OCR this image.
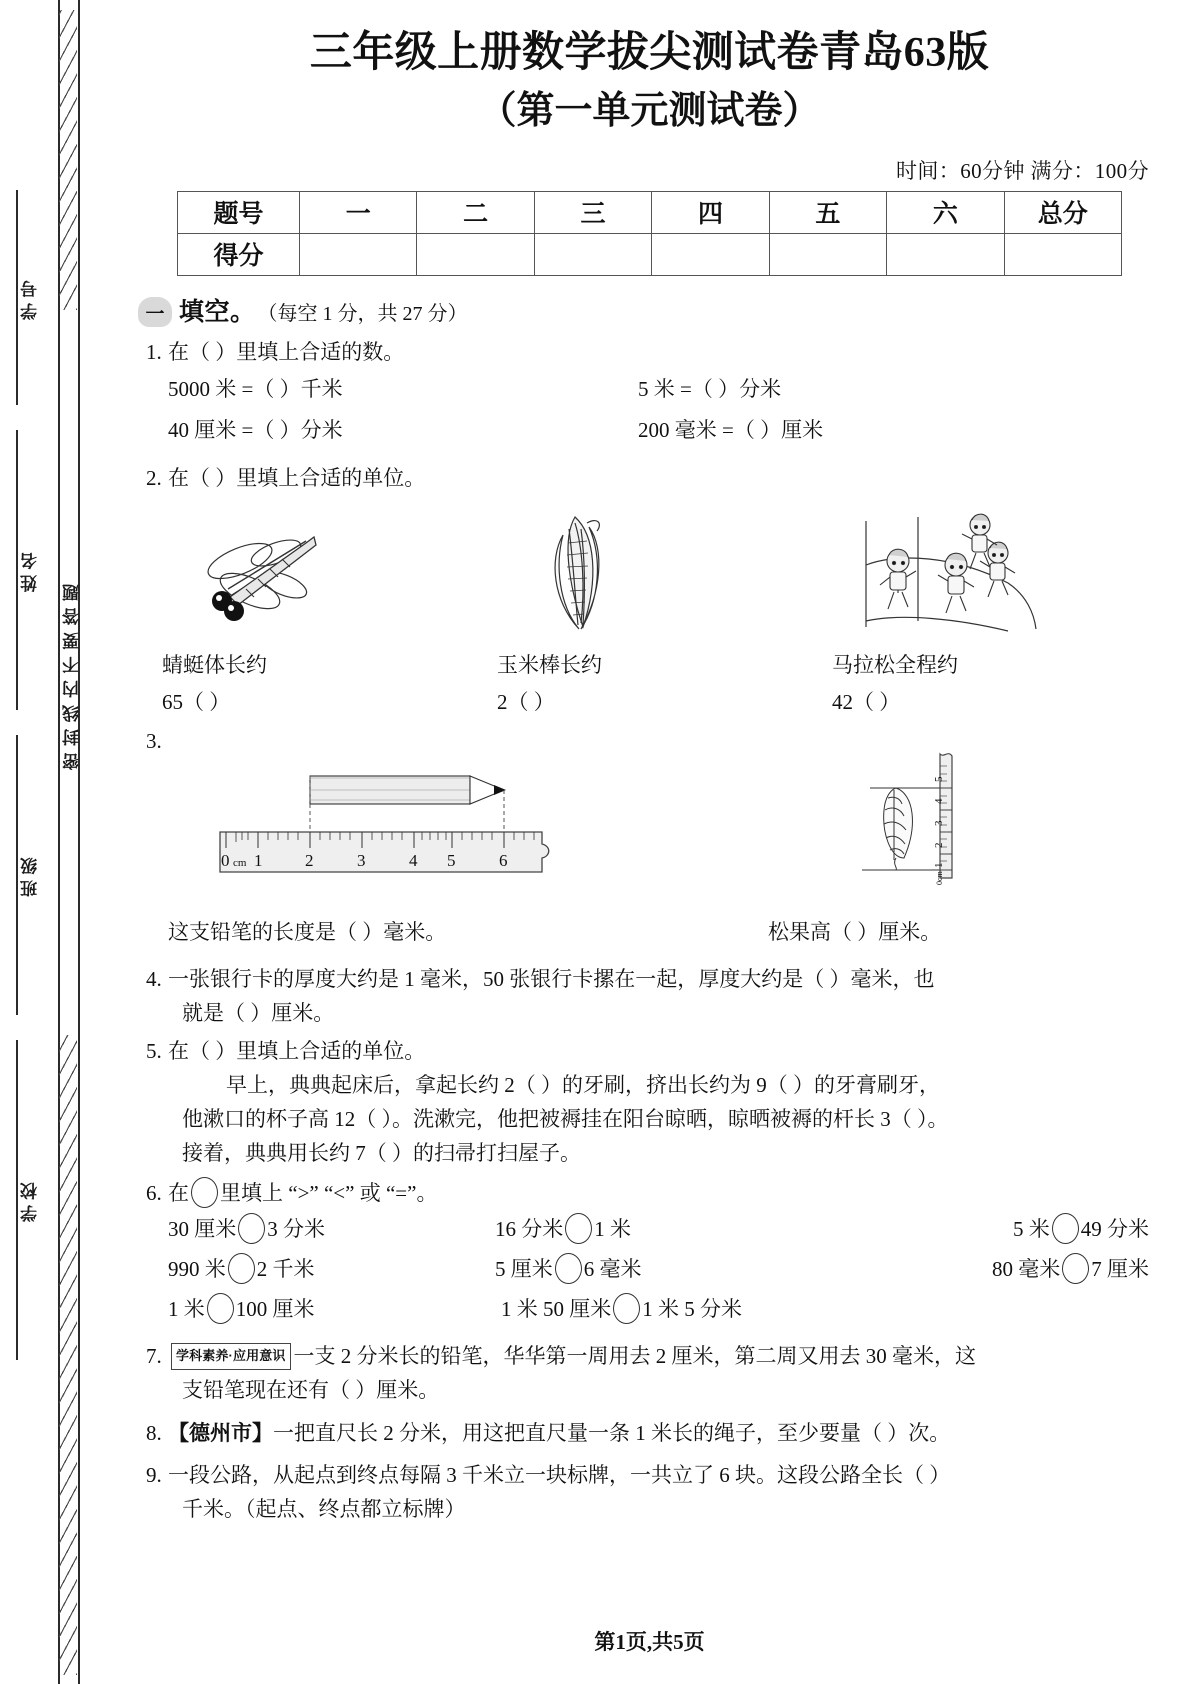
密封线内不要答题
学号
姓名
班级
学校
三年级上册数学拔尖测试卷青岛63版
（第一单元测试卷）
时间：60分钟 满分：100分
题号	一	二	三	四	五	六	总分
得分							
一 填空。 （每空 1 分，共 27 分）
1. 在（ ）里填上合适的数。
5000 米 =（ ）千米	5 米 =（ ）分米
40 厘米 =（ ）分米	200 毫米 =（ ）厘米
2. 在（ ）里填上合适的单位。
蜻蜓体长约
65（ ）
玉米棒长约
2（ ）
马拉松全程约
42（ ）
3.
0 cm 1	2	3	4 5	6
5
4
3
2
1
0cm
这支铅笔的长度是（ ）毫米。	松果高（ ）厘米。
4. 一张银行卡的厚度大约是 1 毫米，50 张银行卡摞在一起，厚度大约是（ ）毫米，也
就是（ ）厘米。
5. 在（ ）里填上合适的单位。
早上，典典起床后，拿起长约 2（ ）的牙刷，挤出长约为 9（ ）的牙膏刷牙，
他漱口的杯子高 12（ ）。洗漱完，他把被褥挂在阳台晾晒，晾晒被褥的杆长 3（ ）。
接着，典典用长约 7（ ）的扫帚打扫屋子。
6. 在 里填上 “>” “<” 或 “=”。
30 厘米 3 分米	16 分米 1 米	5 米 49 分米
990 米 2 千米	5 厘米 6 毫米	80 毫米 7 厘米
1 米 100 厘米	1 米 50 厘米 1 米 5 分米
7. 学科素养·应用意识 一支 2 分米长的铅笔，华华第一周用去 2 厘米，第二周又用去 30 毫米，这
支铅笔现在还有（ ）厘米。
8. 【德州市】一把直尺长 2 分米，用这把直尺量一条 1 米长的绳子，至少要量（ ）次。
9. 一段公路，从起点到终点每隔 3 千米立一块标牌，一共立了 6 块。这段公路全长（ ）
千米。（起点、终点都立标牌）
第1页,共5页
